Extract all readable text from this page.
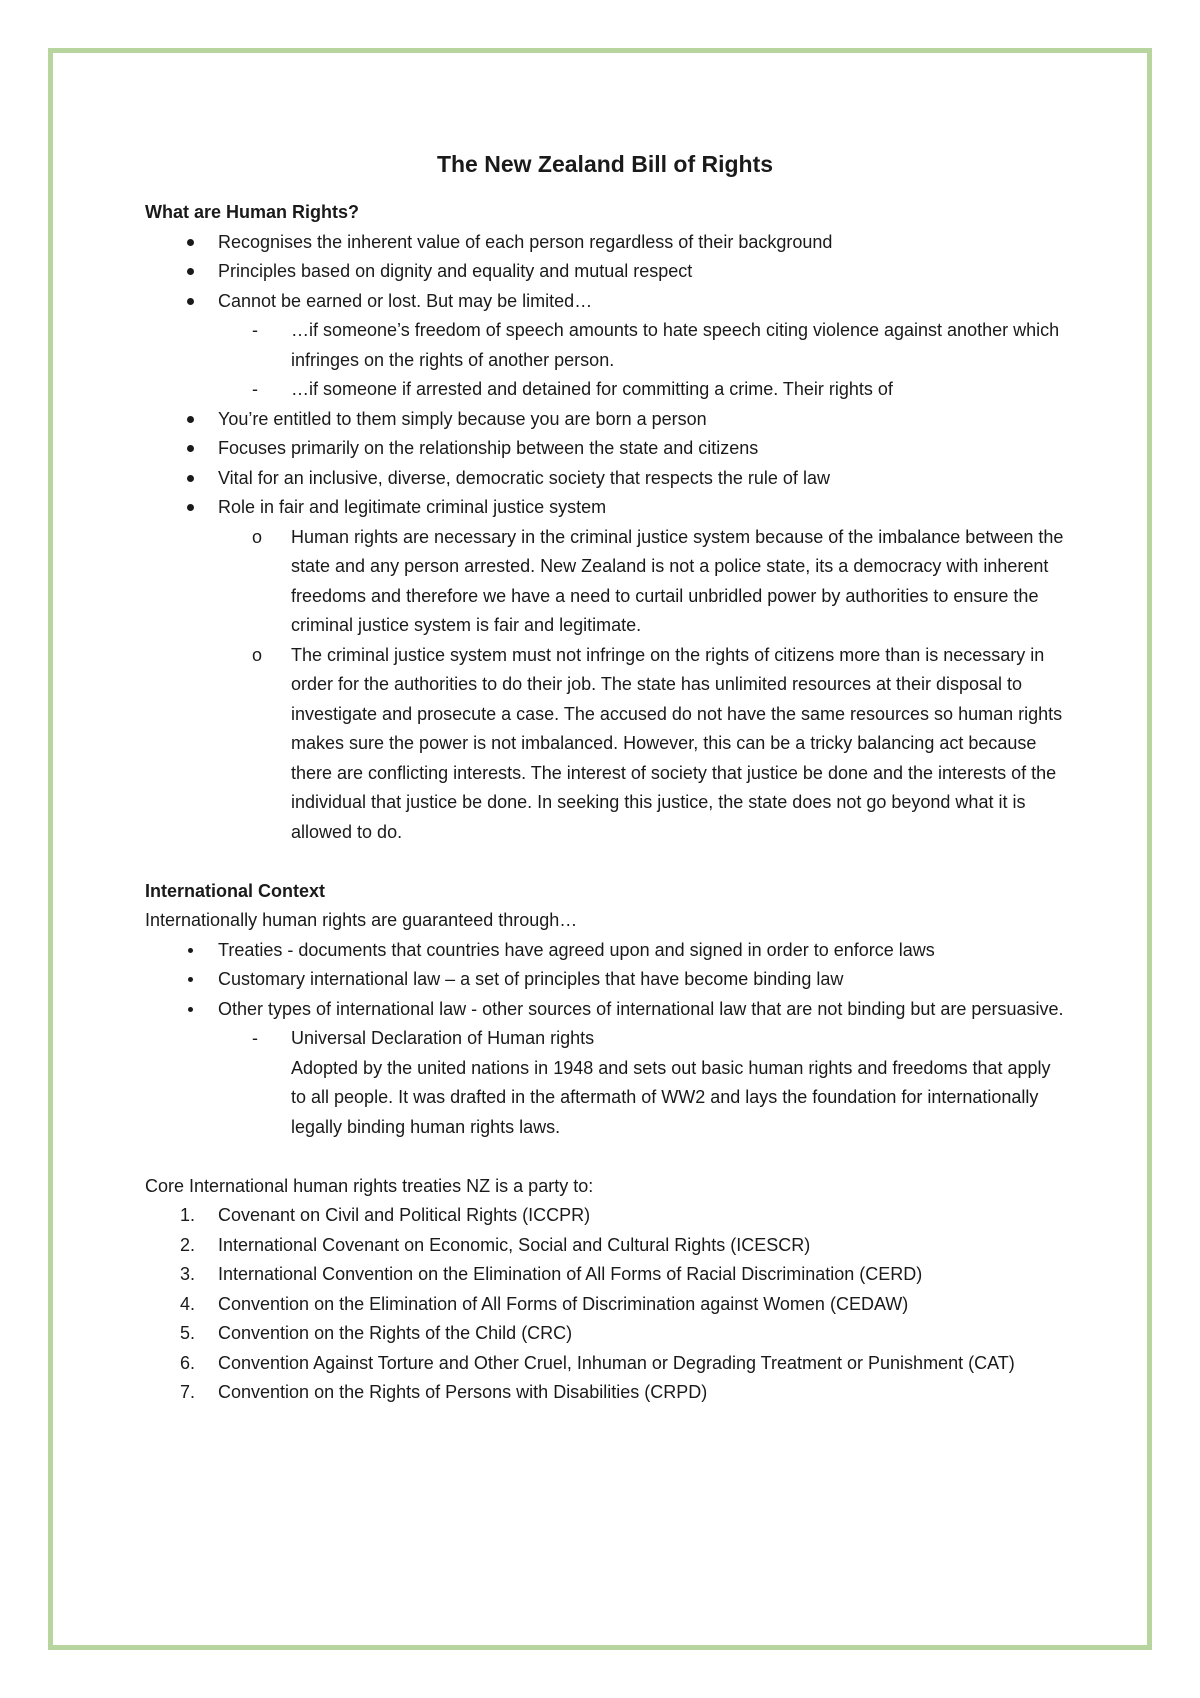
The New Zealand Bill of Rights

What are Human Rights?

Recognises the inherent value of each person regardless of their background
Principles based on dignity and equality and mutual respect
Cannot be earned or lost. But may be limited…
- …if someone’s freedom of speech amounts to hate speech citing violence against another which infringes on the rights of another person.
- …if someone if arrested and detained for committing a crime. Their rights of
You’re entitled to them simply because you are born a person
Focuses primarily on the relationship between the state and citizens
Vital for an inclusive, diverse, democratic society that respects the rule of law
Role in fair and legitimate criminal justice system
o Human rights are necessary in the criminal justice system because of the imbalance between the state and any person arrested. New Zealand is not a police state, its a democracy with inherent freedoms and therefore we have a need to curtail unbridled power by authorities to ensure the criminal justice system is fair and legitimate.
o The criminal justice system must not infringe on the rights of citizens more than is necessary in order for the authorities to do their job. The state has unlimited resources at their disposal to investigate and prosecute a case. The accused do not have the same resources so human rights makes sure the power is not imbalanced. However, this can be a tricky balancing act because there are conflicting interests. The interest of society that justice be done and the interests of the individual that justice be done. In seeking this justice, the state does not go beyond what it is allowed to do.

International Context

Internationally human rights are guaranteed through…

Treaties - documents that countries have agreed upon and signed in order to enforce laws
Customary international law – a set of principles that have become binding law
Other types of international law - other sources of international law that are not binding but are persuasive.
- Universal Declaration of Human rights
Adopted by the united nations in 1948 and sets out basic human rights and freedoms that apply to all people. It was drafted in the aftermath of WW2 and lays the foundation for internationally legally binding human rights laws.

Core International human rights treaties NZ is a party to:

1.	Covenant on Civil and Political Rights (ICCPR)
2.	International Covenant on Economic, Social and Cultural Rights (ICESCR)
3.	International Convention on the Elimination of All Forms of Racial Discrimination (CERD)
4.	Convention on the Elimination of All Forms of Discrimination against Women (CEDAW)
5.	Convention on the Rights of the Child (CRC)
6.	Convention Against Torture and Other Cruel, Inhuman or Degrading Treatment or Punishment (CAT)
7.	Convention on the Rights of Persons with Disabilities (CRPD)
